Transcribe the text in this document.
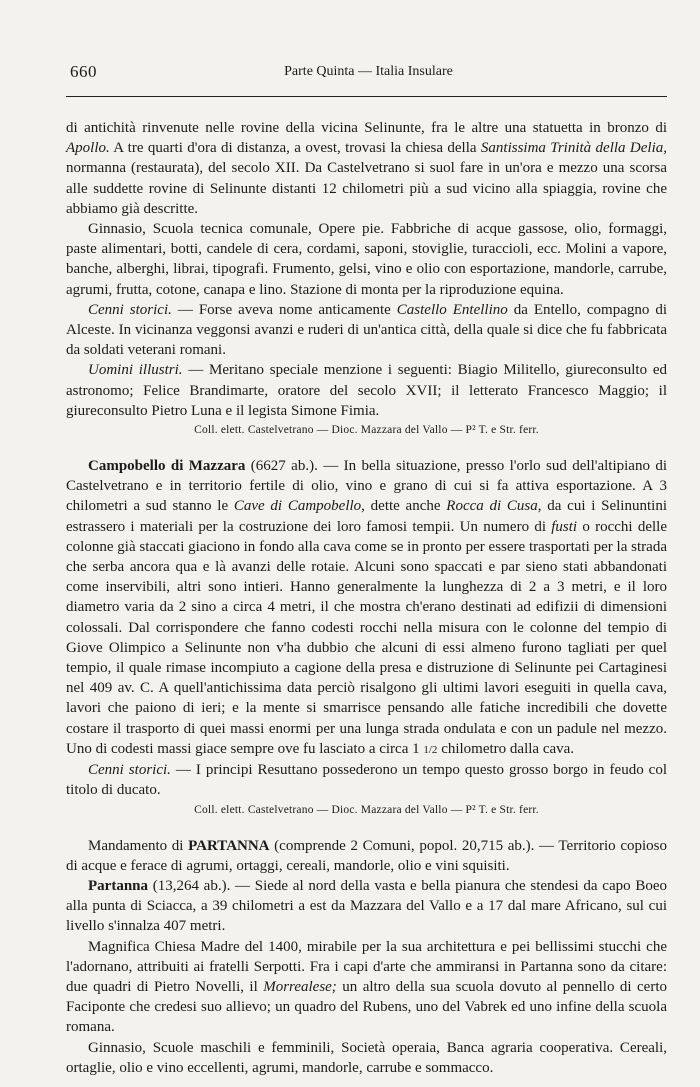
660	Parte Quinta — Italia Insulare

di antichità rinvenute nelle rovine della vicina Selinunte, fra le altre una statuetta in bronzo di Apollo. A tre quarti d'ora di distanza, a ovest, trovasi la chiesa della Santissima Trinità della Delia, normanna (restaurata), del secolo XII. Da Castelvetrano si suol fare in un'ora e mezzo una scorsa alle suddette rovine di Selinunte distanti 12 chilometri più a sud vicino alla spiaggia, rovine che abbiamo già descritte.

Ginnasio, Scuola tecnica comunale, Opere pie. Fabbriche di acque gassose, olio, formaggi, paste alimentari, botti, candele di cera, cordami, saponi, stoviglie, turaccioli, ecc. Molini a vapore, banche, alberghi, librai, tipografi. Frumento, gelsi, vino e olio con esportazione, mandorle, carrube, agrumi, frutta, cotone, canapa e lino. Stazione di monta per la riproduzione equina.

Cenni storici. — Forse aveva nome anticamente Castello Entellino da Entello, compagno di Alceste. In vicinanza veggonsi avanzi e ruderi di un'antica città, della quale si dice che fu fabbricata da soldati veterani romani.

Uomini illustri. — Meritano speciale menzione i seguenti: Biagio Militello, giureconsulto ed astronomo; Felice Brandimarte, oratore del secolo XVII; il letterato Francesco Maggio; il giureconsulto Pietro Luna e il legista Simone Fimia.

Coll. elett. Castelvetrano — Dioc. Mazzara del Vallo — P² T. e Str. ferr.

Campobello di Mazzara (6627 ab.). — In bella situazione, presso l'orlo sud dell'altipiano di Castelvetrano e in territorio fertile di olio, vino e grano di cui si fa attiva esportazione. A 3 chilometri a sud stanno le Cave di Campobello, dette anche Rocca di Cusa, da cui i Selinuntini estrassero i materiali per la costruzione dei loro famosi tempii. Un numero di fusti o rocchi delle colonne già staccati giaciono in fondo alla cava come se in pronto per essere trasportati per la strada che serba ancora qua e là avanzi delle rotaie. Alcuni sono spaccati e par sieno stati abbandonati come inservibili, altri sono intieri. Hanno generalmente la lunghezza di 2 a 3 metri, e il loro diametro varia da 2 sino a circa 4 metri, il che mostra ch'erano destinati ad edifizii di dimensioni colossali. Dal corrispondere che fanno codesti rocchi nella misura con le colonne del tempio di Giove Olimpico a Selinunte non v'ha dubbio che alcuni di essi almeno furono tagliati per quel tempio, il quale rimase incompiuto a cagione della presa e distruzione di Selinunte pei Cartaginesi nel 409 av. C. A quell'antichissima data perciò risalgono gli ultimi lavori eseguiti in quella cava, lavori che paiono di ieri; e la mente si smarrisce pensando alle fatiche incredibili che dovette costare il trasporto di quei massi enormi per una lunga strada ondulata e con un padule nel mezzo. Uno di codesti massi giace sempre ove fu lasciato a circa 1 1/2 chilometro dalla cava.

Cenni storici. — I principi Resuttano possederono un tempo questo grosso borgo in feudo col titolo di ducato.

Coll. elett. Castelvetrano — Dioc. Mazzara del Vallo — P² T. e Str. ferr.

Mandamento di PARTANNA (comprende 2 Comuni, popol. 20,715 ab.). — Territorio copioso di acque e ferace di agrumi, ortaggi, cereali, mandorle, olio e vini squisiti.

Partanna (13,264 ab.). — Siede al nord della vasta e bella pianura che stendesi da capo Boeo alla punta di Sciacca, a 39 chilometri a est da Mazzara del Vallo e a 17 dal mare Africano, sul cui livello s'innalza 407 metri.

Magnifica Chiesa Madre del 1400, mirabile per la sua architettura e pei bellissimi stucchi che l'adornano, attribuiti ai fratelli Serpotti. Fra i capi d'arte che ammiransi in Partanna sono da citare: due quadri di Pietro Novelli, il Morrealese; un altro della sua scuola dovuto al pennello di certo Faciponte che credesi suo allievo; un quadro del Rubens, uno del Vabrek ed uno infine della scuola romana.

Ginnasio, Scuole maschili e femminili, Società operaia, Banca agraria cooperativa. Cereali, ortaglie, olio e vino eccellenti, agrumi, mandorle, carrube e sommacco.
